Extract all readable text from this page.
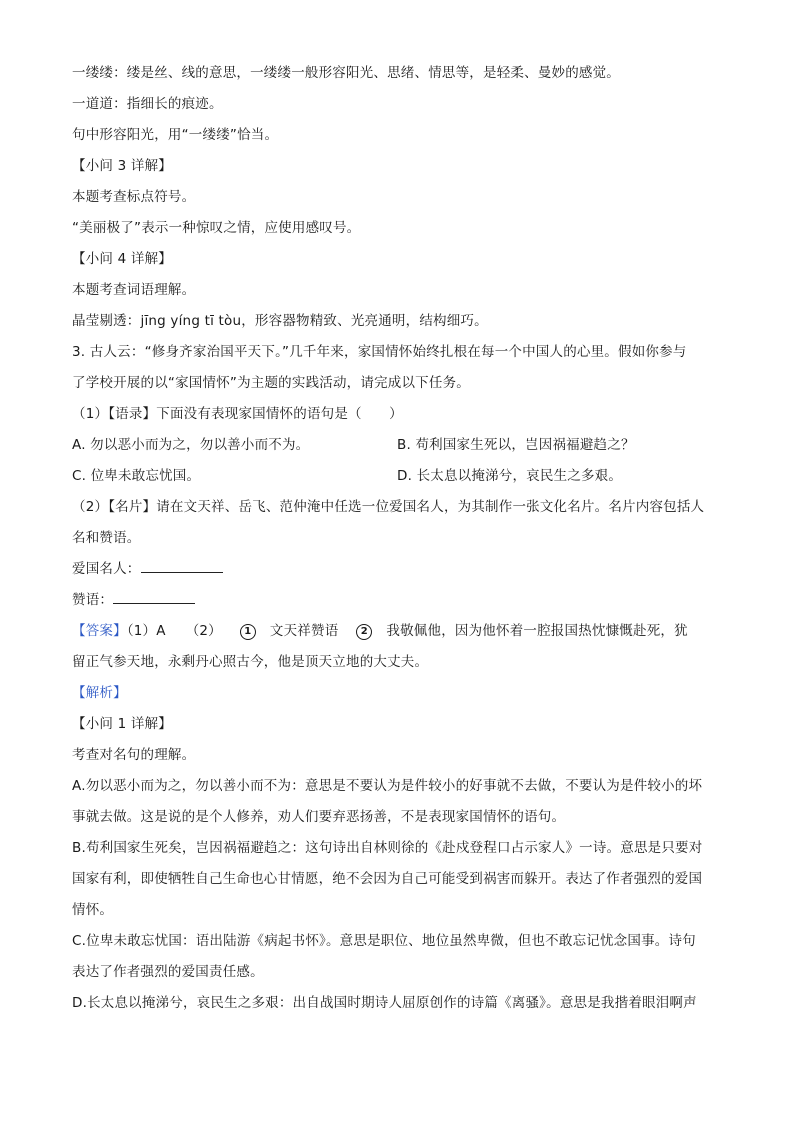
一缕缕：缕是丝、线的意思，一缕缕一般形容阳光、思绪、情思等，是轻柔、曼妙的感觉。
一道道：指细长的痕迹。
句中形容阳光，用“一缕缕”恰当。
【小问 3 详解】
本题考查标点符号。
“美丽极了”表示一种惊叹之情，应使用感叹号。
【小问 4 详解】
本题考查词语理解。
晶莹剔透：jīng yíng tī tòu，形容器物精致、光亮通明，结构细巧。
3. 古人云：“修身齐家治国平天下。”几千年来，家国情怀始终扎根在每一个中国人的心里。假如你参与
了学校开展的以“家国情怀”为主题的实践活动，请完成以下任务。
（1）【语录】下面没有表现家国情怀的语句是（　　）
A. 勿以恶小而为之，勿以善小而不为。	B. 苟利国家生死以，岂因祸福避趋之？
C. 位卑未敢忘忧国。	D. 长太息以掩涕兮，哀民生之多艰。
（2）【名片】请在文天祥、岳飞、范仲淹中任选一位爱国名人，为其制作一张文化名片。名片内容包括人
名和赞语。
爱国名人：
赞语：
【答案】（1）A （2） 1 文天祥赞语 2 我敬佩他，因为他怀着一腔报国热忱慷慨赴死，犹
留正气参天地，永剩丹心照古今，他是顶天立地的大丈夫。
【解析】
【小问 1 详解】
考查对名句的理解。
A.勿以恶小而为之，勿以善小而不为：意思是不要认为是件较小的好事就不去做，不要认为是件较小的坏
事就去做。这是说的是个人修养，劝人们要弃恶扬善，不是表现家国情怀的语句。
B.苟利国家生死矣，岂因祸福避趋之：这句诗出自林则徐的《赴戍登程口占示家人》一诗。意思是只要对
国家有利，即使牺牲自己生命也心甘情愿，绝不会因为自己可能受到祸害而躲开。表达了作者强烈的爱国
情怀。
C.位卑未敢忘忧国：语出陆游《病起书怀》。意思是职位、地位虽然卑微，但也不敢忘记忧念国事。诗句
表达了作者强烈的爱国责任感。
D.长太息以掩涕兮，哀民生之多艰：出自战国时期诗人屈原创作的诗篇《离骚》。意思是我揩着眼泪啊声
